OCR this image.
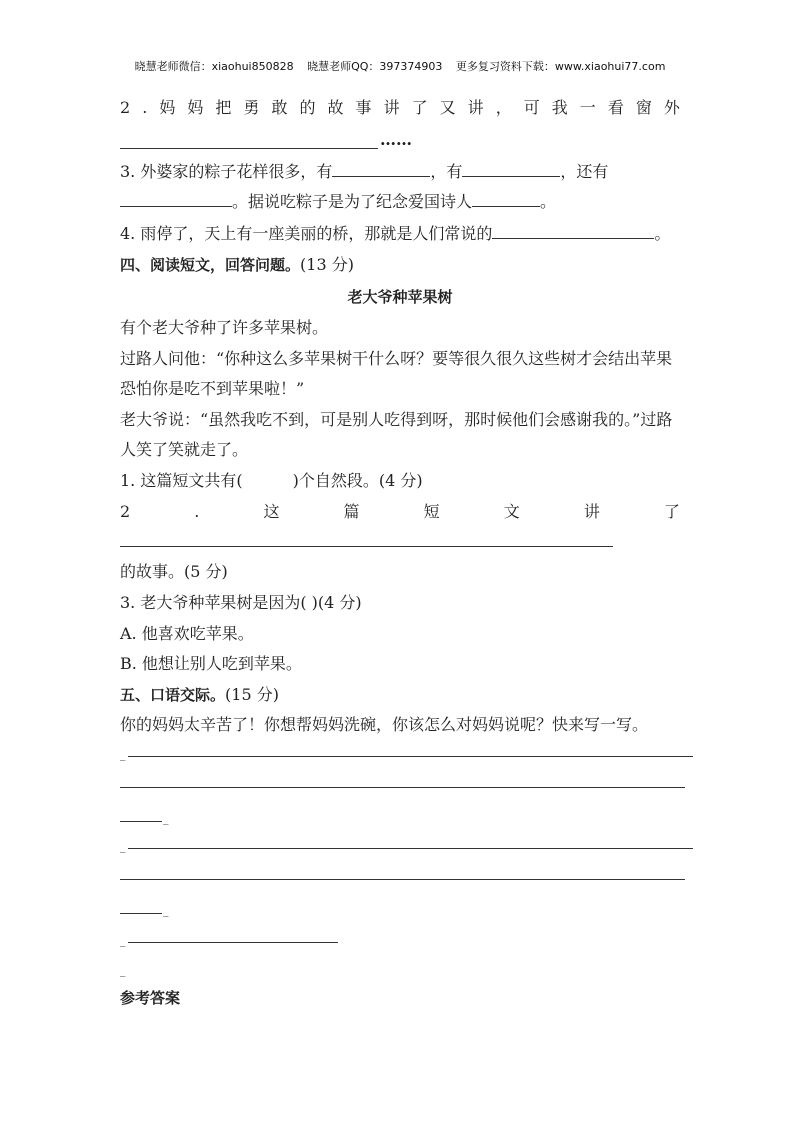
晓慧老师微信：xiaohui850828 晓慧老师QQ：397374903 更多复习资料下载：www.xiaohui77.com
2 . 妈 妈 把 勇 敢 的 故 事 讲 了 又 讲 ， 可 我 一 看 窗 外
……
3. 外婆家的粽子花样很多，有	，有	，还有
。据说吃粽子是为了纪念爱国诗人	。
4. 雨停了，天上有一座美丽的桥，那就是人们常说的	。
四、阅读短文，回答问题。(13 分)
老大爷种苹果树
有个老大爷种了许多苹果树。
过路人问他：“你种这么多苹果树干什么呀？要等很久很久这些树才会结出苹果
恐怕你是吃不到苹果啦！”
老大爷说：“虽然我吃不到，可是别人吃得到呀，那时候他们会感谢我的。”过路
人笑了笑就走了。
1. 这篇短文共有(	)个自然段。(4 分)
2	.	这	篇	短	文	讲	了
的故事。(5 分)
3. 老大爷种苹果树是因为( )(4 分)
A. 他喜欢吃苹果。
B. 他想让别人吃到苹果。
五、口语交际。(15 分)
你的妈妈太辛苦了！你想帮妈妈洗碗，你该怎么对妈妈说呢？快来写一写。
_
_
_
_
_
_
参考答案
